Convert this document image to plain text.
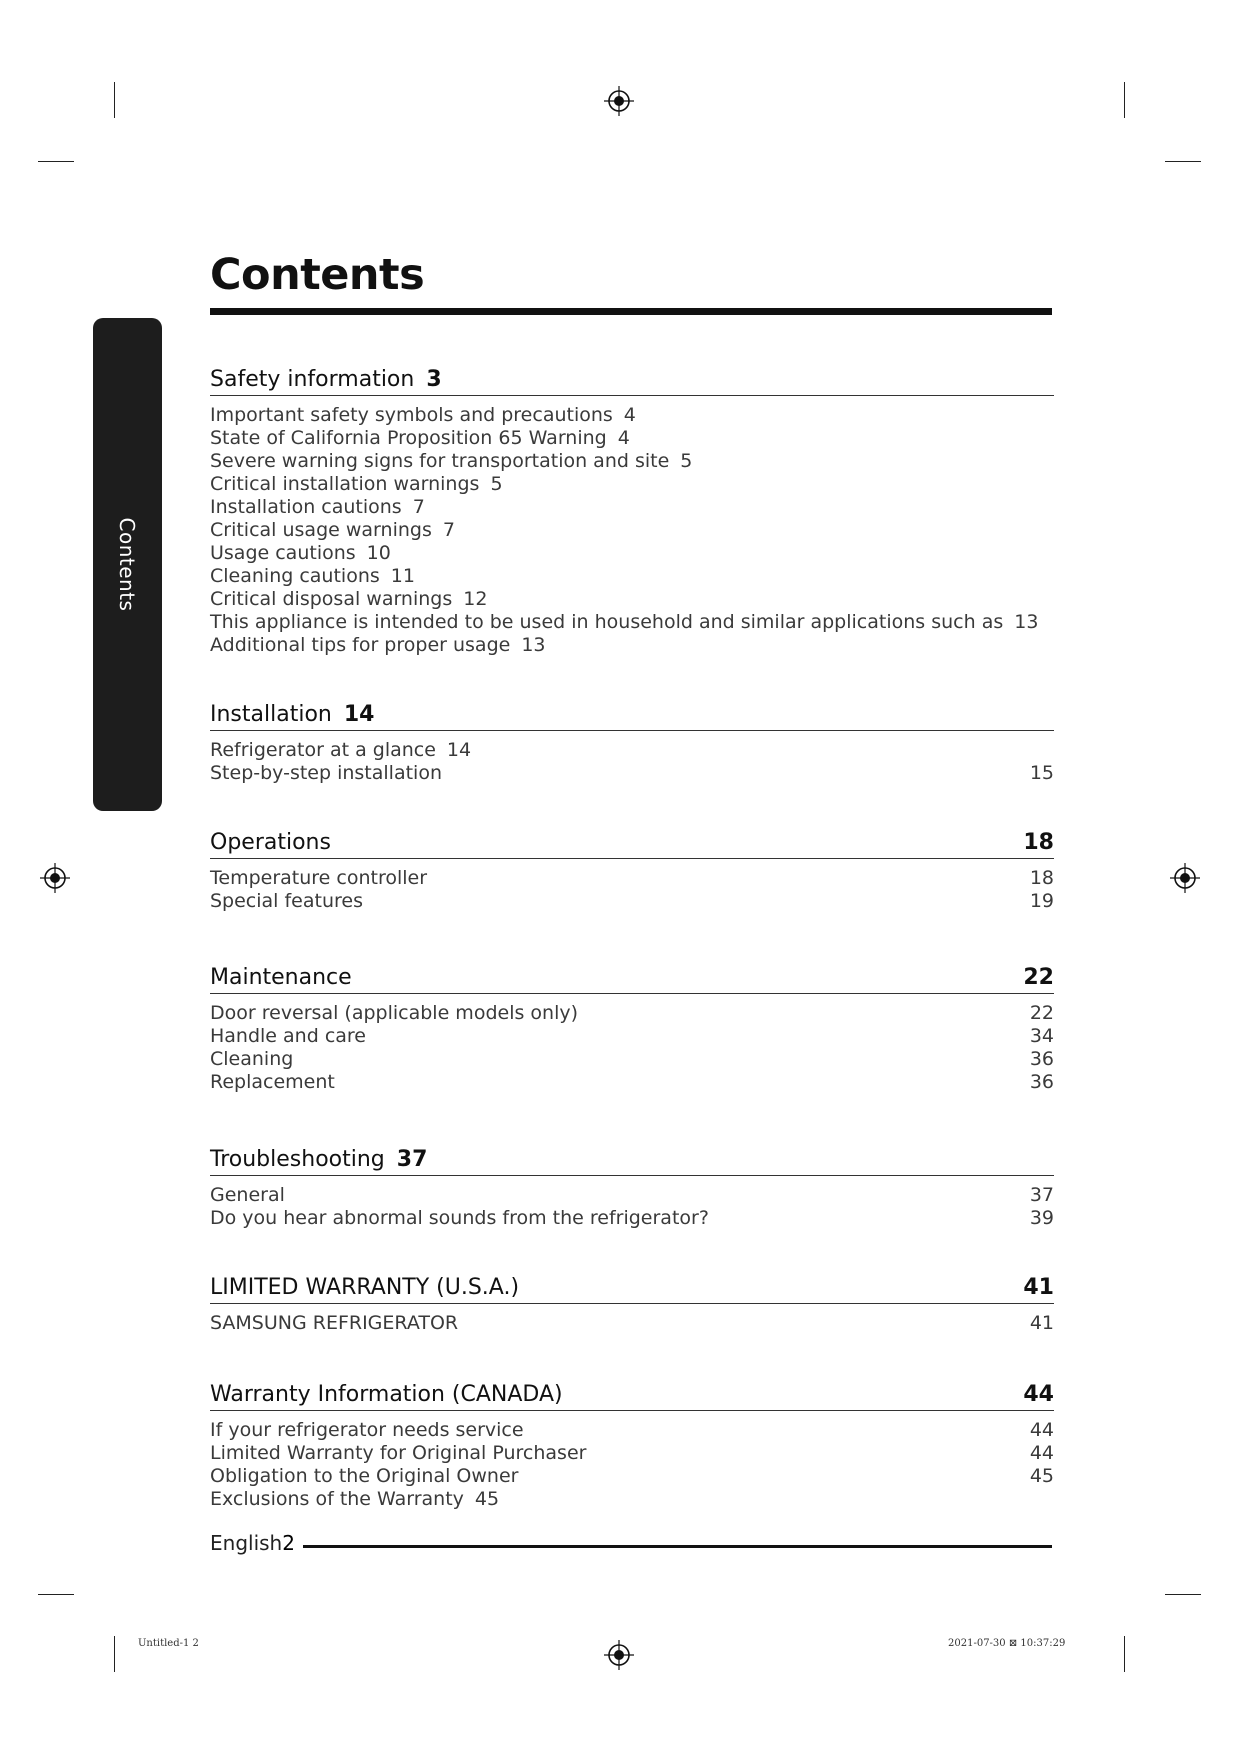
Contents
Contents
Safety information 3
Important safety symbols and precautions 4
State of California Proposition 65 Warning 4
Severe warning signs for transportation and site 5
Critical installation warnings 5
Installation cautions 7
Critical usage warnings 7
Usage cautions 10
Cleaning cautions 11
Critical disposal warnings 12
This appliance is intended to be used in household and similar applications such as 13
Additional tips for proper usage 13
Installation 14
Refrigerator at a glance 14
Step-by-step installation	15
Operations	18
Temperature controller	18
Special features	19
Maintenance	22
Door reversal (applicable models only)	22
Handle and care	34
Cleaning	36
Replacement	36
Troubleshooting 37
General	37
Do you hear abnormal sounds from the refrigerator?	39
LIMITED WARRANTY (U.S.A.)	41
SAMSUNG REFRIGERATOR	41
Warranty Information (CANADA)	44
If your refrigerator needs service	44
Limited Warranty for Original Purchaser	44
Obligation to the Original Owner	45
Exclusions of the Warranty 45
English2
Untitled-1 2	2021-07-30 ⊠ 10:37:29
